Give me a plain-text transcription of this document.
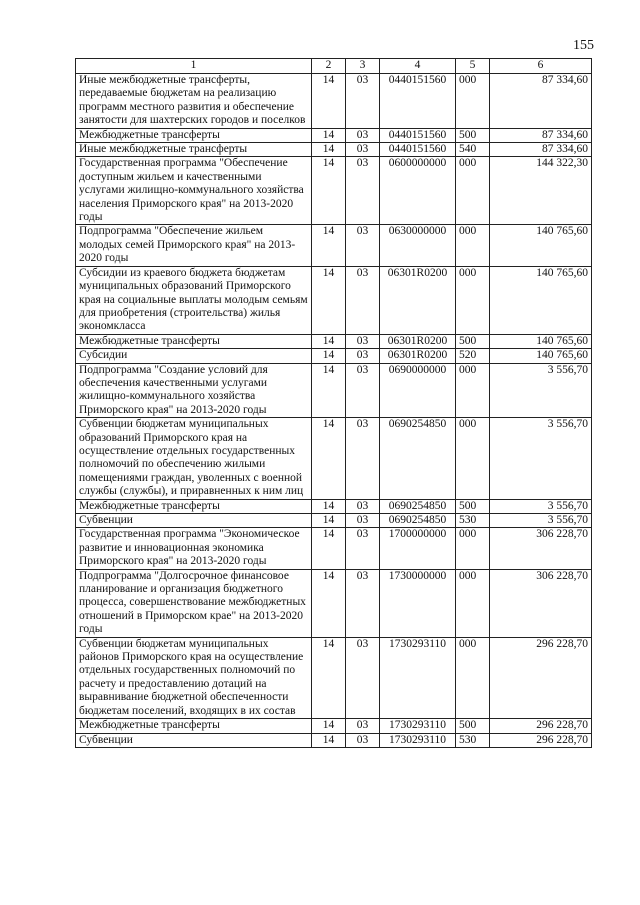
155
1	2	3	4	5	6
Иные межбюджетные трансферты, передаваемые бюджетам на реализацию программ местного развития и обеспечение занятости для шахтерских городов и поселков	14	03	0440151560	000	87 334,60
Межбюджетные трансферты	14	03	0440151560	500	87 334,60
Иные межбюджетные трансферты	14	03	0440151560	540	87 334,60
Государственная программа "Обеспечение доступным жильем и качественными услугами жилищно-коммунального хозяйства населения Приморского края" на 2013-2020 годы	14	03	0600000000	000	144 322,30
Подпрограмма "Обеспечение жильем молодых семей Приморского края" на 2013-2020 годы	14	03	0630000000	000	140 765,60
Субсидии из краевого бюджета бюджетам муниципальных образований Приморского края на социальные выплаты молодым семьям для приобретения (строительства) жилья экономкласса	14	03	06301R0200	000	140 765,60
Межбюджетные трансферты	14	03	06301R0200	500	140 765,60
Субсидии	14	03	06301R0200	520	140 765,60
Подпрограмма "Создание условий для обеспечения качественными услугами жилищно-коммунального хозяйства Приморского края" на 2013-2020 годы	14	03	0690000000	000	3 556,70
Субвенции бюджетам муниципальных образований Приморского края на осуществление отдельных государственных полномочий по обеспечению жилыми помещениями граждан, уволенных с военной службы (службы), и приравненных к ним лиц	14	03	0690254850	000	3 556,70
Межбюджетные трансферты	14	03	0690254850	500	3 556,70
Субвенции	14	03	0690254850	530	3 556,70
Государственная программа "Экономическое развитие и инновационная экономика Приморского края" на 2013-2020 годы	14	03	1700000000	000	306 228,70
Подпрограмма "Долгосрочное финансовое планирование и организация бюджетного процесса, совершенствование межбюджетных отношений в Приморском крае" на 2013-2020 годы	14	03	1730000000	000	306 228,70
Субвенции бюджетам муниципальных районов Приморского края на осуществление отдельных государственных полномочий по расчету и предоставлению дотаций на выравнивание бюджетной обеспеченности бюджетам поселений, входящих в их состав	14	03	1730293110	000	296 228,70
Межбюджетные трансферты	14	03	1730293110	500	296 228,70
Субвенции	14	03	1730293110	530	296 228,70
